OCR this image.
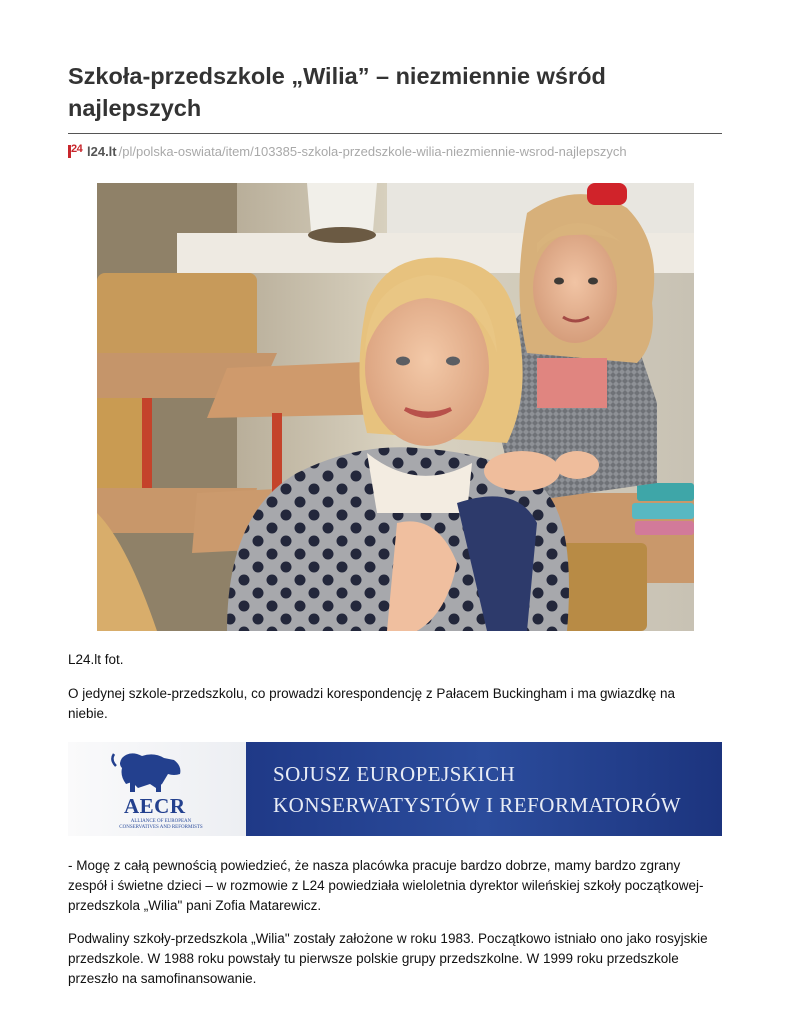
Szkoła-przedszkole „Wilia” – niezmiennie wśród najlepszych
24 l24.lt /pl/polska-oswiata/item/103385-szkola-przedszkole-wilia-niezmiennie-wsrod-najlepszych
L24.lt fot.

O jedynej szkole-przedszkolu, co prowadzi korespondencję z Pałacem Buckingham i ma gwiazdkę na niebie.

AECR
ALLIANCE OF EUROPEAN CONSERVATIVES AND REFORMISTS
SOJUSZ EUROPEJSKICH
KONSERWATYSTÓW I REFORMATORÓW

- Mogę z całą pewnością powiedzieć, że nasza placówka pracuje bardzo dobrze, mamy bardzo zgrany zespół i świetne dzieci – w rozmowie z L24 powiedziała wieloletnia dyrektor wileńskiej szkoły początkowej-przedszkola „Wilia" pani Zofia Matarewicz.

Podwaliny szkoły-przedszkola „Wilia" zostały założone w roku 1983. Początkowo istniało ono jako rosyjskie przedszkole. W 1988 roku powstały tu pierwsze polskie grupy przedszkolne. W 1999 roku przedszkole przeszło na samofinansowanie.
